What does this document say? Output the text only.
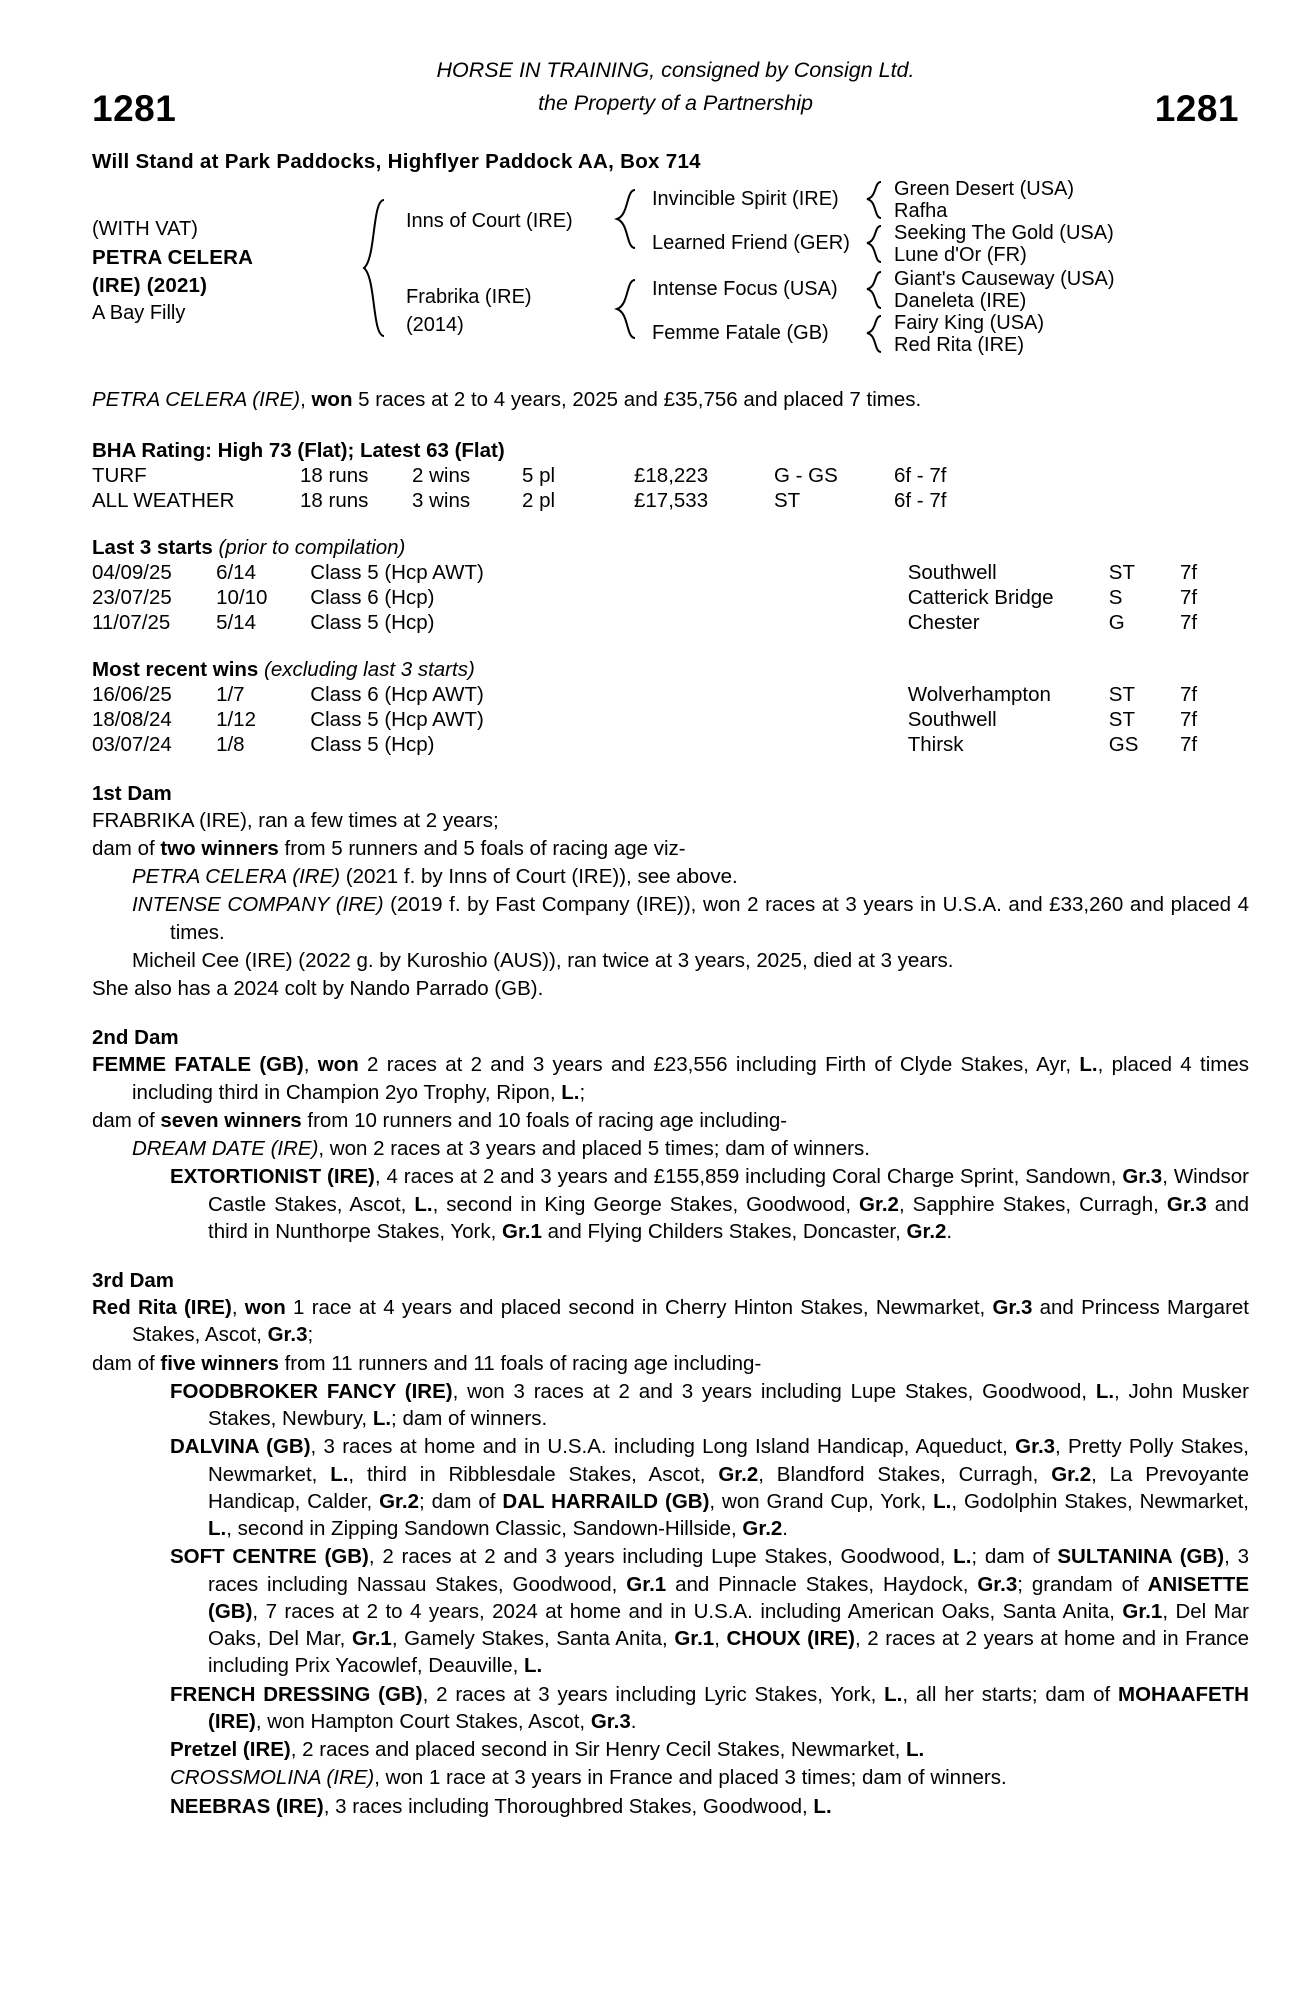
1281	1281
HORSE IN TRAINING, consigned by Consign Ltd.
the Property of a Partnership
Will Stand at Park Paddocks, Highflyer Paddock AA, Box 714
(WITH VAT)
PETRA CELERA
(IRE) (2021)
A Bay Filly
Inns of Court (IRE)
Frabrika (IRE)
(2014)
Invincible Spirit (IRE)
Learned Friend (GER)
Intense Focus (USA)
Femme Fatale (GB)
Green Desert (USA)
Rafha
Seeking The Gold (USA)
Lune d'Or (FR)
Giant's Causeway (USA)
Daneleta (IRE)
Fairy King (USA)
Red Rita (IRE)
PETRA CELERA (IRE), won 5 races at 2 to 4 years, 2025 and £35,756 and placed 7 times.
BHA Rating: High 73 (Flat); Latest 63 (Flat)
TURF	18 runs	2 wins	5 pl	£18,223	G - GS	6f - 7f
ALL WEATHER	18 runs	3 wins	2 pl	£17,533	ST	6f - 7f
Last 3 starts (prior to compilation)
04/09/25	6/14	Class 5 (Hcp AWT)	Southwell	ST	7f
23/07/25	10/10	Class 6 (Hcp)	Catterick Bridge	S	7f
11/07/25	5/14	Class 5 (Hcp)	Chester	G	7f
Most recent wins (excluding last 3 starts)
16/06/25	1/7	Class 6 (Hcp AWT)	Wolverhampton	ST	7f
18/08/24	1/12	Class 5 (Hcp AWT)	Southwell	ST	7f
03/07/24	1/8	Class 5 (Hcp)	Thirsk	GS	7f
1st Dam
FRABRIKA (IRE), ran a few times at 2 years;
dam of two winners from 5 runners and 5 foals of racing age viz-
PETRA CELERA (IRE) (2021 f. by Inns of Court (IRE)), see above.
INTENSE COMPANY (IRE) (2019 f. by Fast Company (IRE)), won 2 races at 3 years in U.S.A. and £33,260 and placed 4 times.
Micheil Cee (IRE) (2022 g. by Kuroshio (AUS)), ran twice at 3 years, 2025, died at 3 years.
She also has a 2024 colt by Nando Parrado (GB).
2nd Dam
FEMME FATALE (GB), won 2 races at 2 and 3 years and £23,556 including Firth of Clyde Stakes, Ayr, L., placed 4 times including third in Champion 2yo Trophy, Ripon, L.;
dam of seven winners from 10 runners and 10 foals of racing age including-
DREAM DATE (IRE), won 2 races at 3 years and placed 5 times; dam of winners.
EXTORTIONIST (IRE), 4 races at 2 and 3 years and £155,859 including Coral Charge Sprint, Sandown, Gr.3, Windsor Castle Stakes, Ascot, L., second in King George Stakes, Goodwood, Gr.2, Sapphire Stakes, Curragh, Gr.3 and third in Nunthorpe Stakes, York, Gr.1 and Flying Childers Stakes, Doncaster, Gr.2.
3rd Dam
Red Rita (IRE), won 1 race at 4 years and placed second in Cherry Hinton Stakes, Newmarket, Gr.3 and Princess Margaret Stakes, Ascot, Gr.3;
dam of five winners from 11 runners and 11 foals of racing age including-
FOODBROKER FANCY (IRE), won 3 races at 2 and 3 years including Lupe Stakes, Goodwood, L., John Musker Stakes, Newbury, L.; dam of winners.
DALVINA (GB), 3 races at home and in U.S.A. including Long Island Handicap, Aqueduct, Gr.3, Pretty Polly Stakes, Newmarket, L., third in Ribblesdale Stakes, Ascot, Gr.2, Blandford Stakes, Curragh, Gr.2, La Prevoyante Handicap, Calder, Gr.2; dam of DAL HARRAILD (GB), won Grand Cup, York, L., Godolphin Stakes, Newmarket, L., second in Zipping Sandown Classic, Sandown-Hillside, Gr.2.
SOFT CENTRE (GB), 2 races at 2 and 3 years including Lupe Stakes, Goodwood, L.; dam of SULTANINA (GB), 3 races including Nassau Stakes, Goodwood, Gr.1 and Pinnacle Stakes, Haydock, Gr.3; grandam of ANISETTE (GB), 7 races at 2 to 4 years, 2024 at home and in U.S.A. including American Oaks, Santa Anita, Gr.1, Del Mar Oaks, Del Mar, Gr.1, Gamely Stakes, Santa Anita, Gr.1, CHOUX (IRE), 2 races at 2 years at home and in France including Prix Yacowlef, Deauville, L.
FRENCH DRESSING (GB), 2 races at 3 years including Lyric Stakes, York, L., all her starts; dam of MOHAAFETH (IRE), won Hampton Court Stakes, Ascot, Gr.3.
Pretzel (IRE), 2 races and placed second in Sir Henry Cecil Stakes, Newmarket, L.
CROSSMOLINA (IRE), won 1 race at 3 years in France and placed 3 times; dam of winners.
NEEBRAS (IRE), 3 races including Thoroughbred Stakes, Goodwood, L.
